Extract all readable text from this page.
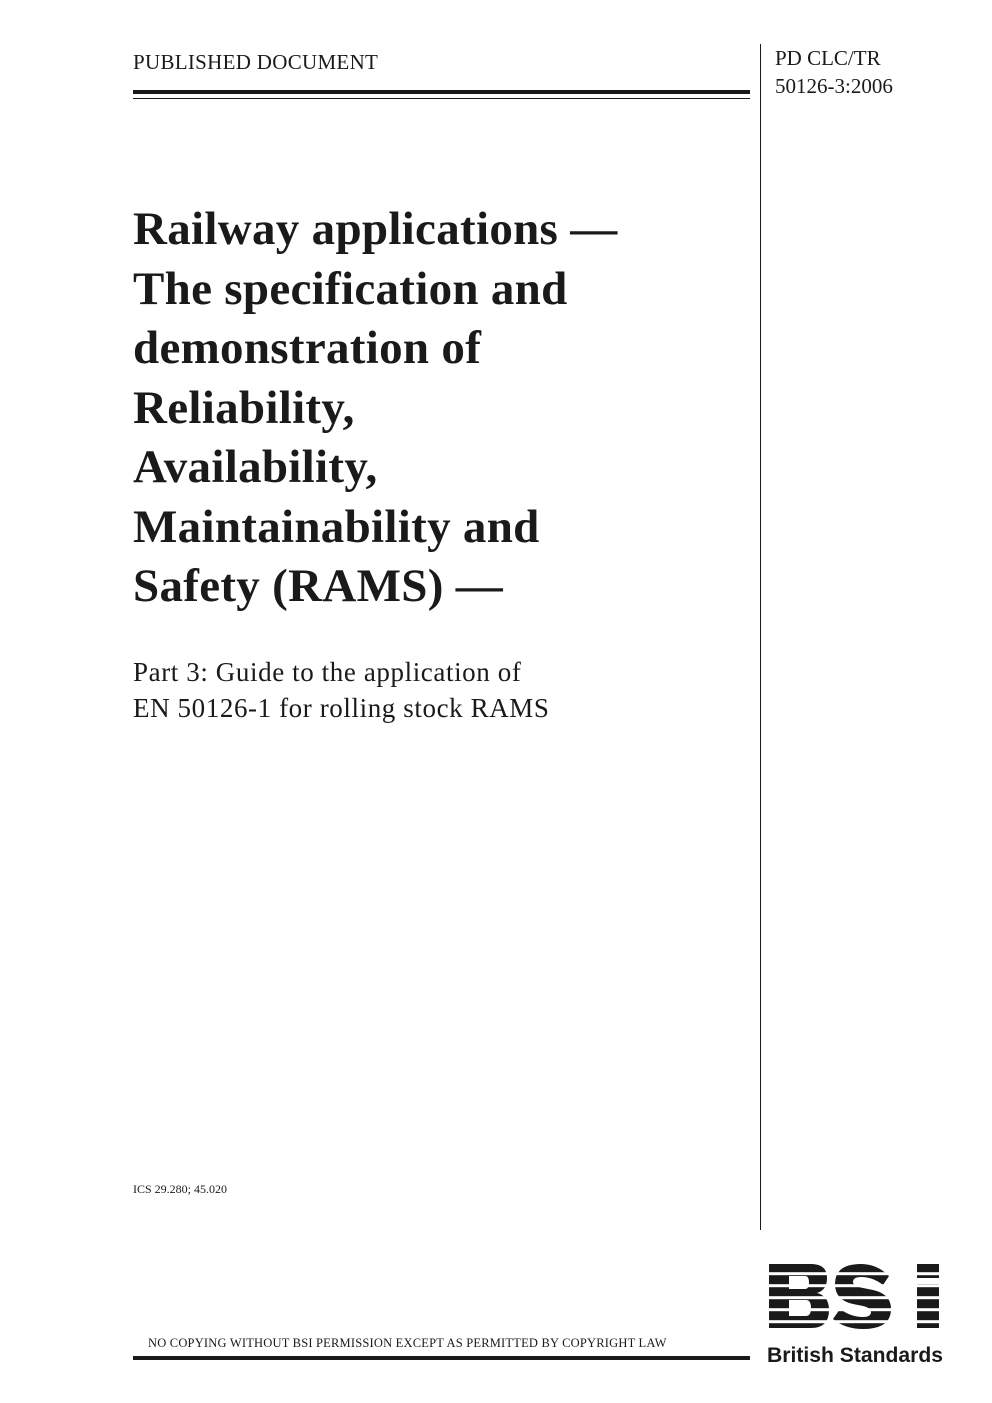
PUBLISHED DOCUMENT	PD CLC/TR
50126-3:2006
Railway applications —
The specification and
demonstration of
Reliability,
Availability,
Maintainability and
Safety (RAMS) —
Part 3: Guide to the application of
EN 50126-1 for rolling stock RAMS
ICS 29.280; 45.020
British Standards
NO COPYING WITHOUT BSI PERMISSION EXCEPT AS PERMITTED BY COPYRIGHT LAW
